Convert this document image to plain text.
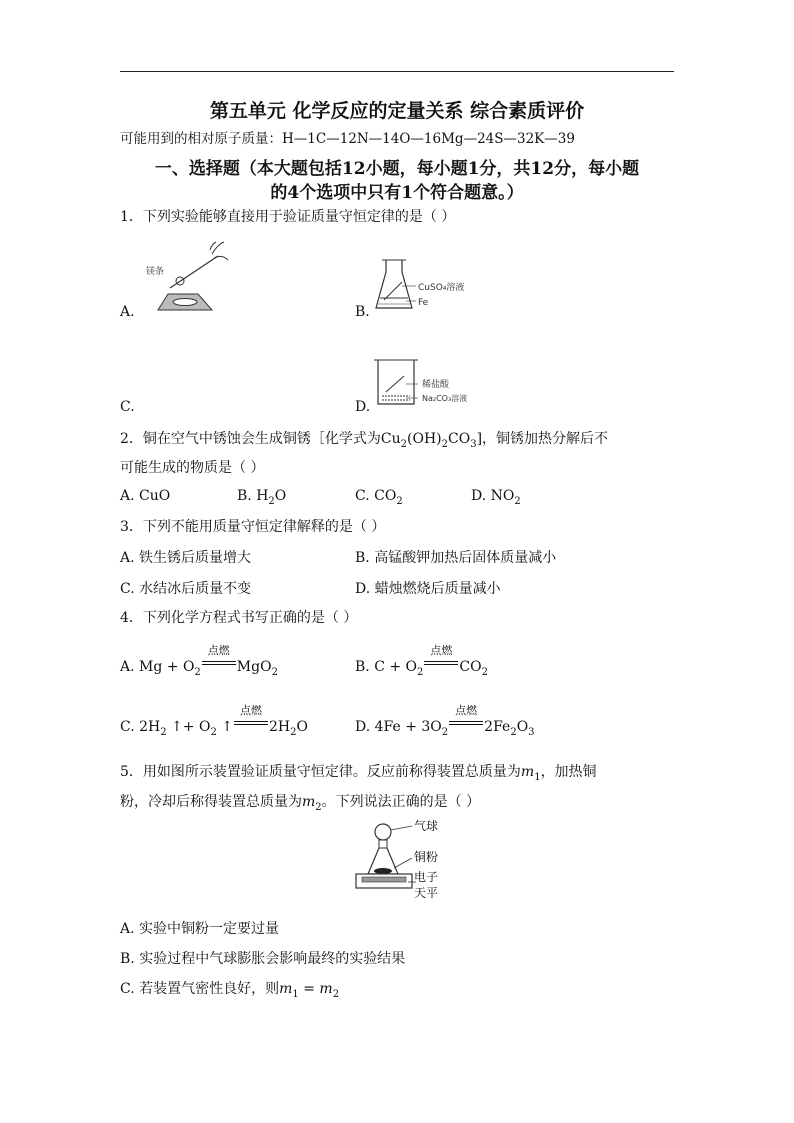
第五单元 化学反应的定量关系 综合素质评价
可能用到的相对原子质量：H—1C—12N—14O—16Mg—24S—32K—39
一、选择题（本大题包括12小题，每小题1分，共12分，每小题
的4个选项中只有1个符合题意。）
1．下列实验能够直接用于验证质量守恒定律的是（ ）
镁条
A.
CuSO₄溶液
Fe
B.
C.
稀盐酸
Na₂CO₃溶液
D.
2．铜在空气中锈蚀会生成铜锈［化学式为$Cu_2(OH)_2CO_3$]，铜锈加热分解后不
可能生成的物质是（ ）
A. CuO	B. $H_2O$	C. $CO_2$	D. $NO_2$
3．下列不能用质量守恒定律解释的是（ ）
A. 铁生锈后质量增大	B. 高锰酸钾加热后固体质量减小
C. 水结冰后质量不变	D. 蜡烛燃烧后质量减小
4．下列化学方程式书写正确的是（ ）
A. $Mg + O_2$
点燃
MgO$_2$	B. $C + O_2$
点燃
$CO_2$
C. $2H_2$ ↑+ $O_2$ ↑
点燃
$2H_2O$	D. $4Fe + 3O_2$
点燃
$2Fe_2O_3$
5．用如图所示装置验证质量守恒定律。反应前称得装置总质量为$m_1$，加热铜
粉，冷却后称得装置总质量为$m_2$。下列说法正确的是（ ）
气球
铜粉
电子
天平
A. 实验中铜粉一定要过量
B. 实验过程中气球膨胀会影响最终的实验结果
C. 若装置气密性良好，则$m_1 = m_2$
